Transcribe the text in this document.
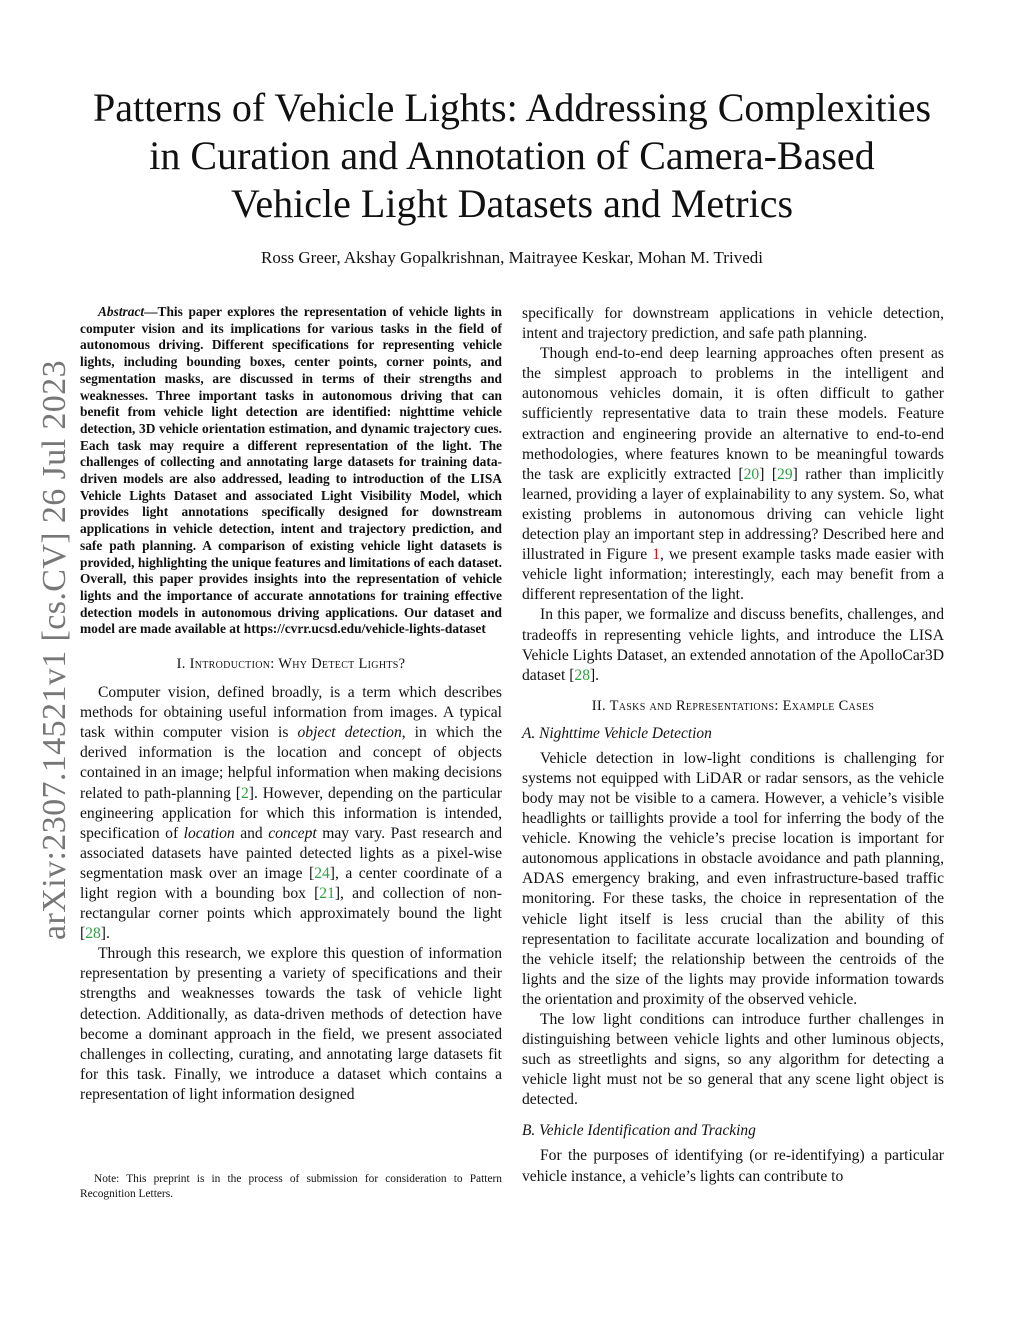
arXiv:2307.14521v1 [cs.CV] 26 Jul 2023
Patterns of Vehicle Lights: Addressing Complexities
in Curation and Annotation of Camera-Based
Vehicle Light Datasets and Metrics
Ross Greer, Akshay Gopalkrishnan, Maitrayee Keskar, Mohan M. Trivedi

Abstract—This paper explores the representation of vehicle lights in computer vision and its implications for various tasks in the field of autonomous driving. Different specifications for representing vehicle lights, including bounding boxes, center points, corner points, and segmentation masks, are discussed in terms of their strengths and weaknesses. Three important tasks in autonomous driving that can benefit from vehicle light detection are identified: nighttime vehicle detection, 3D vehicle orientation estimation, and dynamic trajectory cues. Each task may require a different representation of the light. The challenges of collecting and annotating large datasets for training data-driven models are also addressed, leading to introduction of the LISA Vehicle Lights Dataset and associated Light Visibility Model, which provides light annotations specifically designed for downstream applications in vehicle detection, intent and trajectory prediction, and safe path planning. A comparison of existing vehicle light datasets is provided, highlighting the unique features and limitations of each dataset. Overall, this paper provides insights into the representation of vehicle lights and the importance of accurate annotations for training effective detection models in autonomous driving applications. Our dataset and model are made available at https://cvrr.ucsd.edu/vehicle-lights-dataset

I. Introduction: Why Detect Lights?

Computer vision, defined broadly, is a term which describes methods for obtaining useful information from images. A typical task within computer vision is object detection, in which the derived information is the location and concept of objects contained in an image; helpful information when making decisions related to path-planning [2]. However, depending on the particular engineering application for which this information is intended, specification of location and concept may vary. Past research and associated datasets have painted detected lights as a pixel-wise segmentation mask over an image [24], a center coordinate of a light region with a bounding box [21], and collection of non-rectangular corner points which approximately bound the light [28].

Through this research, we explore this question of information representation by presenting a variety of specifications and their strengths and weaknesses towards the task of vehicle light detection. Additionally, as data-driven methods of detection have become a dominant approach in the field, we present associated challenges in collecting, curating, and annotating large datasets fit for this task. Finally, we introduce a dataset which contains a representation of light information designed

Note: This preprint is in the process of submission for consideration to Pattern Recognition Letters.

specifically for downstream applications in vehicle detection, intent and trajectory prediction, and safe path planning.

Though end-to-end deep learning approaches often present as the simplest approach to problems in the intelligent and autonomous vehicles domain, it is often difficult to gather sufficiently representative data to train these models. Feature extraction and engineering provide an alternative to end-to-end methodologies, where features known to be meaningful towards the task are explicitly extracted [20] [29] rather than implicitly learned, providing a layer of explainability to any system. So, what existing problems in autonomous driving can vehicle light detection play an important step in addressing? Described here and illustrated in Figure 1, we present example tasks made easier with vehicle light information; interestingly, each may benefit from a different representation of the light.

In this paper, we formalize and discuss benefits, challenges, and tradeoffs in representing vehicle lights, and introduce the LISA Vehicle Lights Dataset, an extended annotation of the ApolloCar3D dataset [28].

II. Tasks and Representations: Example Cases
A. Nighttime Vehicle Detection

Vehicle detection in low-light conditions is challenging for systems not equipped with LiDAR or radar sensors, as the vehicle body may not be visible to a camera. However, a vehicle’s visible headlights or taillights provide a tool for inferring the body of the vehicle. Knowing the vehicle’s precise location is important for autonomous applications in obstacle avoidance and path planning, ADAS emergency braking, and even infrastructure-based traffic monitoring. For these tasks, the choice in representation of the vehicle light itself is less crucial than the ability of this representation to facilitate accurate localization and bounding of the vehicle itself; the relationship between the centroids of the lights and the size of the lights may provide information towards the orientation and proximity of the observed vehicle.

The low light conditions can introduce further challenges in distinguishing between vehicle lights and other luminous objects, such as streetlights and signs, so any algorithm for detecting a vehicle light must not be so general that any scene light object is detected.

B. Vehicle Identification and Tracking

For the purposes of identifying (or re-identifying) a particular vehicle instance, a vehicle’s lights can contribute to
